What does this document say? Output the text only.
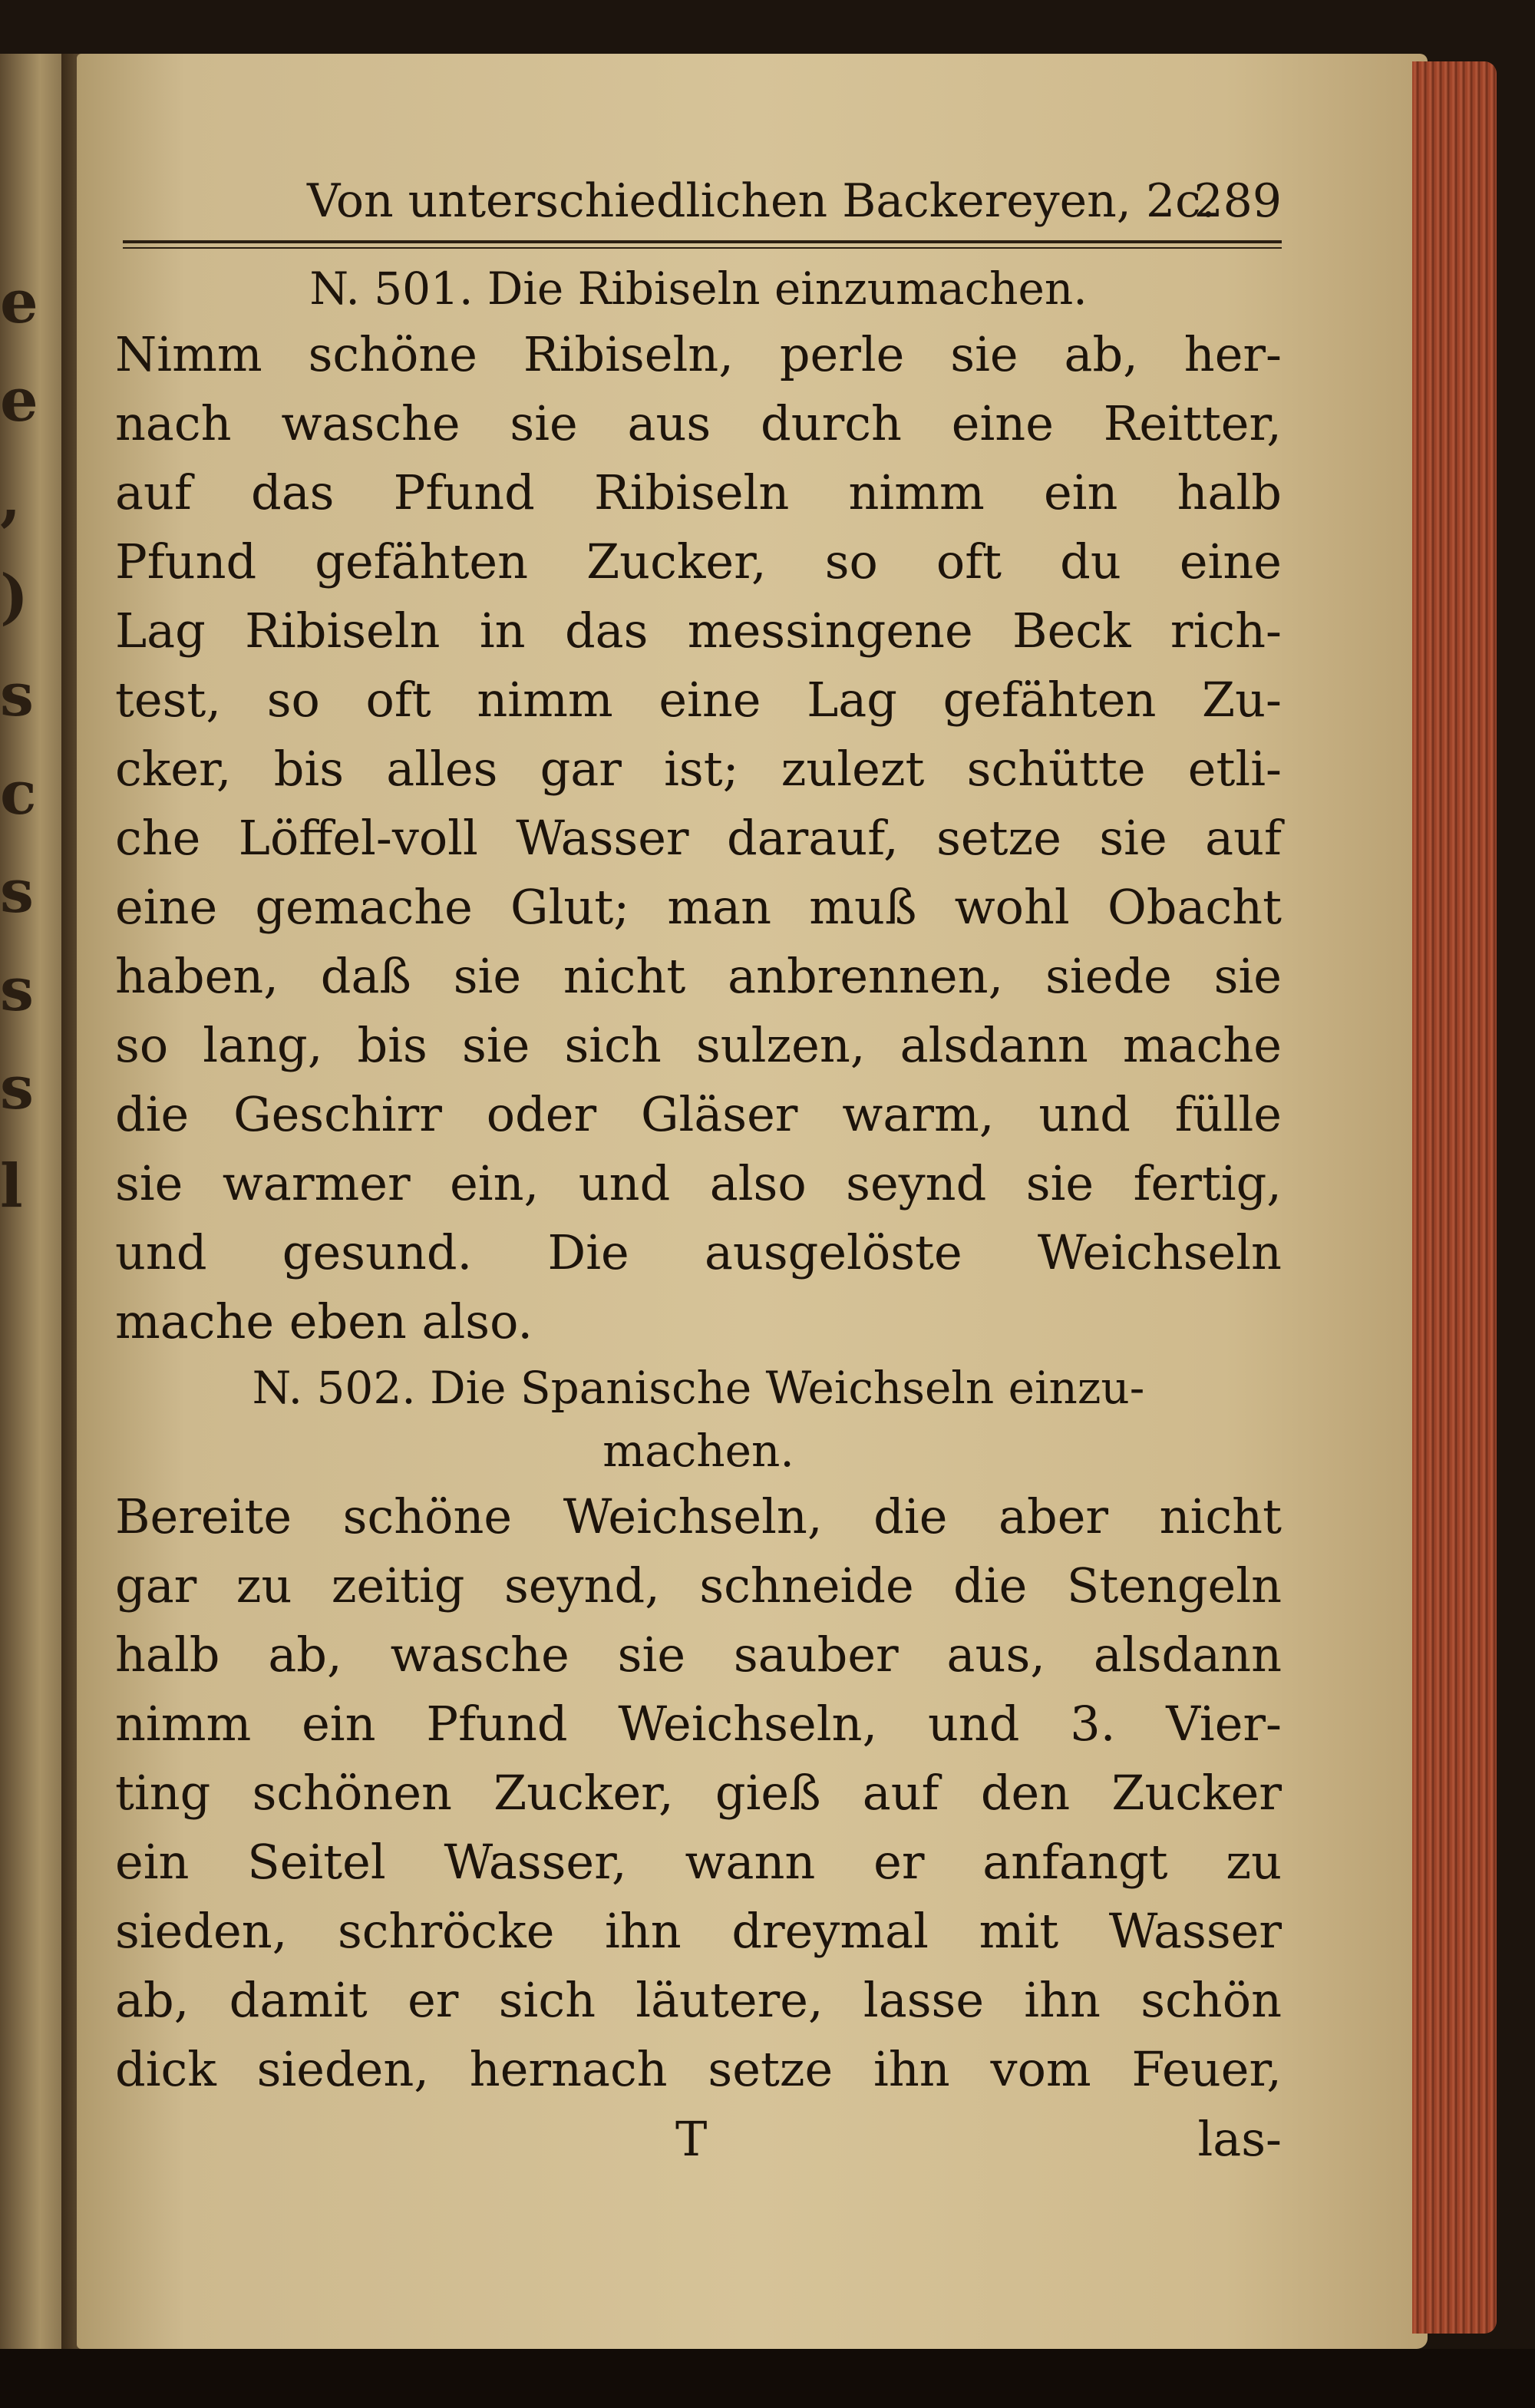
e
e
,
)
s
c
s
s
s
l
Von unterschiedlichen Backereyen, 2c.
289
N. 501. Die Ribiseln einzumachen.
Nimm schöne Ribiseln, perle sie ab, her-
nach wasche sie aus durch eine Reitter,
auf das Pfund Ribiseln nimm ein halb
Pfund gefähten Zucker, so oft du eine
Lag Ribiseln in das messingene Beck rich-
test, so oft nimm eine Lag gefähten Zu-
cker, bis alles gar ist; zulezt schütte etli-
che Löffel-voll Wasser darauf, setze sie auf
eine gemache Glut; man muß wohl Obacht
haben, daß sie nicht anbrennen, siede sie
so lang, bis sie sich sulzen, alsdann mache
die Geschirr oder Gläser warm, und fülle
sie warmer ein, und also seynd sie fertig,
und gesund. Die ausgelöste Weichseln
mache eben also.
N. 502. Die Spanische Weichseln einzu-
machen.
Bereite schöne Weichseln, die aber nicht
gar zu zeitig seynd, schneide die Stengeln
halb ab, wasche sie sauber aus, alsdann
nimm ein Pfund Weichseln, und 3. Vier-
ting schönen Zucker, gieß auf den Zucker
ein Seitel Wasser, wann er anfangt zu
sieden, schröcke ihn dreymal mit Wasser
ab, damit er sich läutere, lasse ihn schön
dick sieden, hernach setze ihn vom Feuer,
T	las-
